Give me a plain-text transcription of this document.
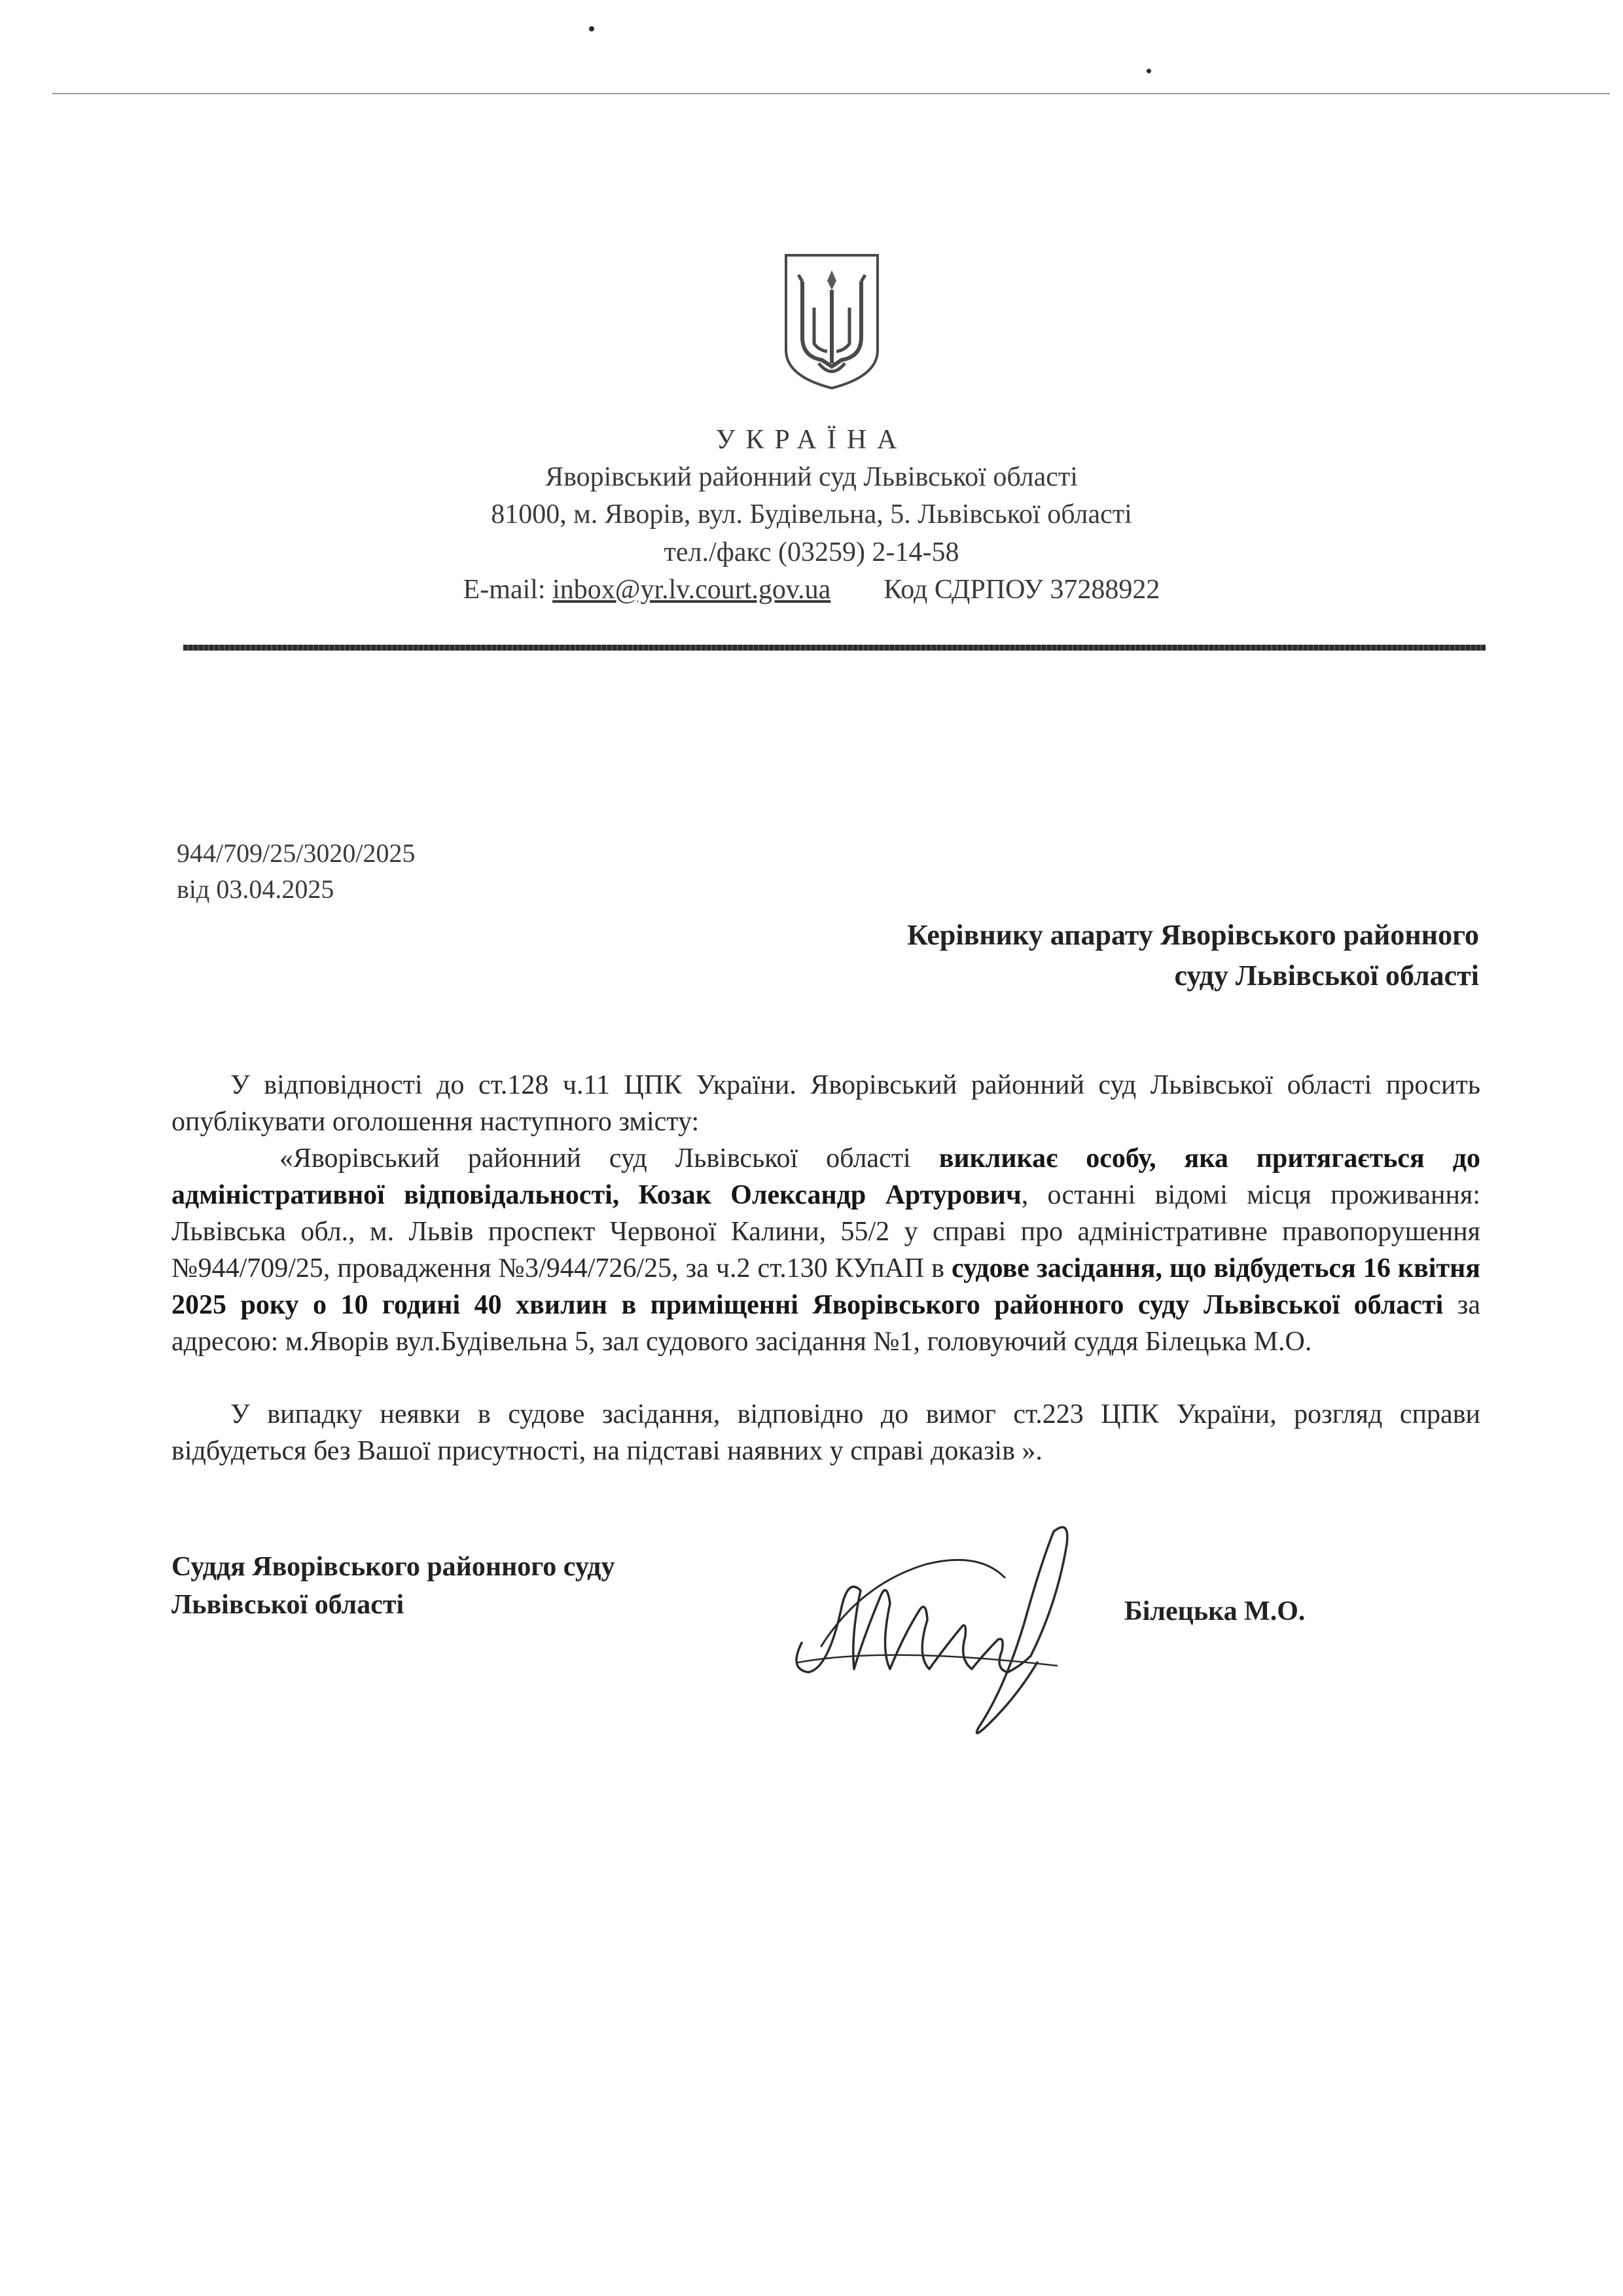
УКРАЇНА
Яворівський районний суд Львівської області
81000, м. Яворів, вул. Будівельна, 5. Львівської області
тел./факс (03259) 2-14-58
E-mail: inbox@yr.lv.court.gov.ua Код СДРПОУ 37288922
944/709/25/3020/2025
від 03.04.2025
Керівнику апарату Яворівського районного
суду Львівської області
У відповідності до ст.128 ч.11 ЦПК України. Яворівський районний суд Львівської області просить опублікувати оголошення наступного змісту:
«Яворівський районний суд Львівської області викликає особу, яка притягається до адміністративної відповідальності, Козак Олександр Артурович, останні відомі місця проживання: Львівська обл., м. Львів проспект Червоної Калини, 55/2 у справі про адміністративне правопорушення №944/709/25, провадження №3/944/726/25, за ч.2 ст.130 КУпАП в судове засідання, що відбудеться 16 квітня 2025 року о 10 годині 40 хвилин в приміщенні Яворівського районного суду Львівської області за адресою: м.Яворів вул.Будівельна 5, зал судового засідання №1, головуючий суддя Білецька М.О.
У випадку неявки в судове засідання, відповідно до вимог ст.223 ЦПК України, розгляд справи відбудеться без Вашої присутності, на підставі наявних у справі доказів ».
Суддя Яворівського районного суду
Львівської області	Білецька М.О.
